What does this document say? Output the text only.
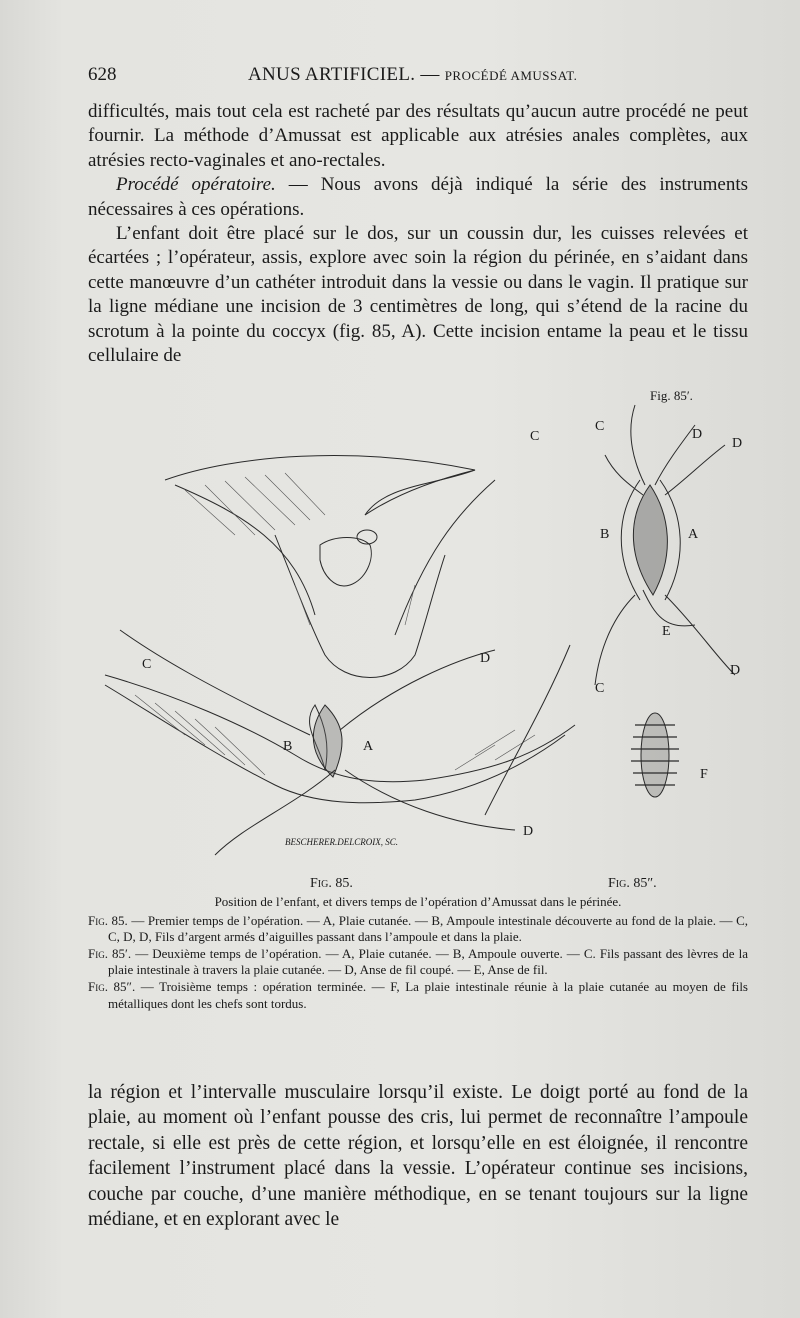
628	ANUS ARTIFICIEL. — PROCÉDÉ AMUSSAT.

difficultés, mais tout cela est racheté par des résultats qu’aucun autre procédé ne peut fournir. La méthode d’Amussat est applicable aux atrésies anales complètes, aux atrésies recto-vaginales et ano-rectales.

Procédé opératoire. — Nous avons déjà indiqué la série des instruments nécessaires à ces opérations.

L’enfant doit être placé sur le dos, sur un coussin dur, les cuisses relevées et écartées ; l’opérateur, assis, explore avec soin la région du périnée, en s’aidant dans cette manœuvre d’un cathéter introduit dans la vessie ou dans le vagin. Il pratique sur la ligne médiane une incision de 3 centimètres de long, qui s’étend de la racine du scrotum à la pointe du coccyx (fig. 85, A). Cette incision entame la peau et le tissu cellulaire de

C
C
D
D
B	A
E
D
C
F
C	D
B	A
D
Fig. 85′.
BESCHERER.DELCROIX, SC.
Fig. 85.	Fig. 85″.

Position de l’enfant, et divers temps de l’opération d’Amussat dans le périnée.

Fig. 85. — Premier temps de l’opération. — A, Plaie cutanée. — B, Ampoule intestinale découverte au fond de la plaie. — C, C, D, D, Fils d’argent armés d’aiguilles passant dans l’ampoule et dans la plaie.

Fig. 85′. — Deuxième temps de l’opération. — A, Plaie cutanée. — B, Ampoule ouverte. — C. Fils passant des lèvres de la plaie intestinale à travers la plaie cutanée. — D, Anse de fil coupé. — E, Anse de fil.

Fig. 85″. — Troisième temps : opération terminée. — F, La plaie intestinale réunie à la plaie cutanée au moyen de fils métalliques dont les chefs sont tordus.

la région et l’intervalle musculaire lorsqu’il existe. Le doigt porté au fond de la plaie, au moment où l’enfant pousse des cris, lui permet de reconnaître l’ampoule rectale, si elle est près de cette région, et lorsqu’elle en est éloignée, il rencontre facilement l’instrument placé dans la vessie. L’opérateur continue ses incisions, couche par couche, d’une manière méthodique, en se tenant toujours sur la ligne médiane, et en explorant avec le
